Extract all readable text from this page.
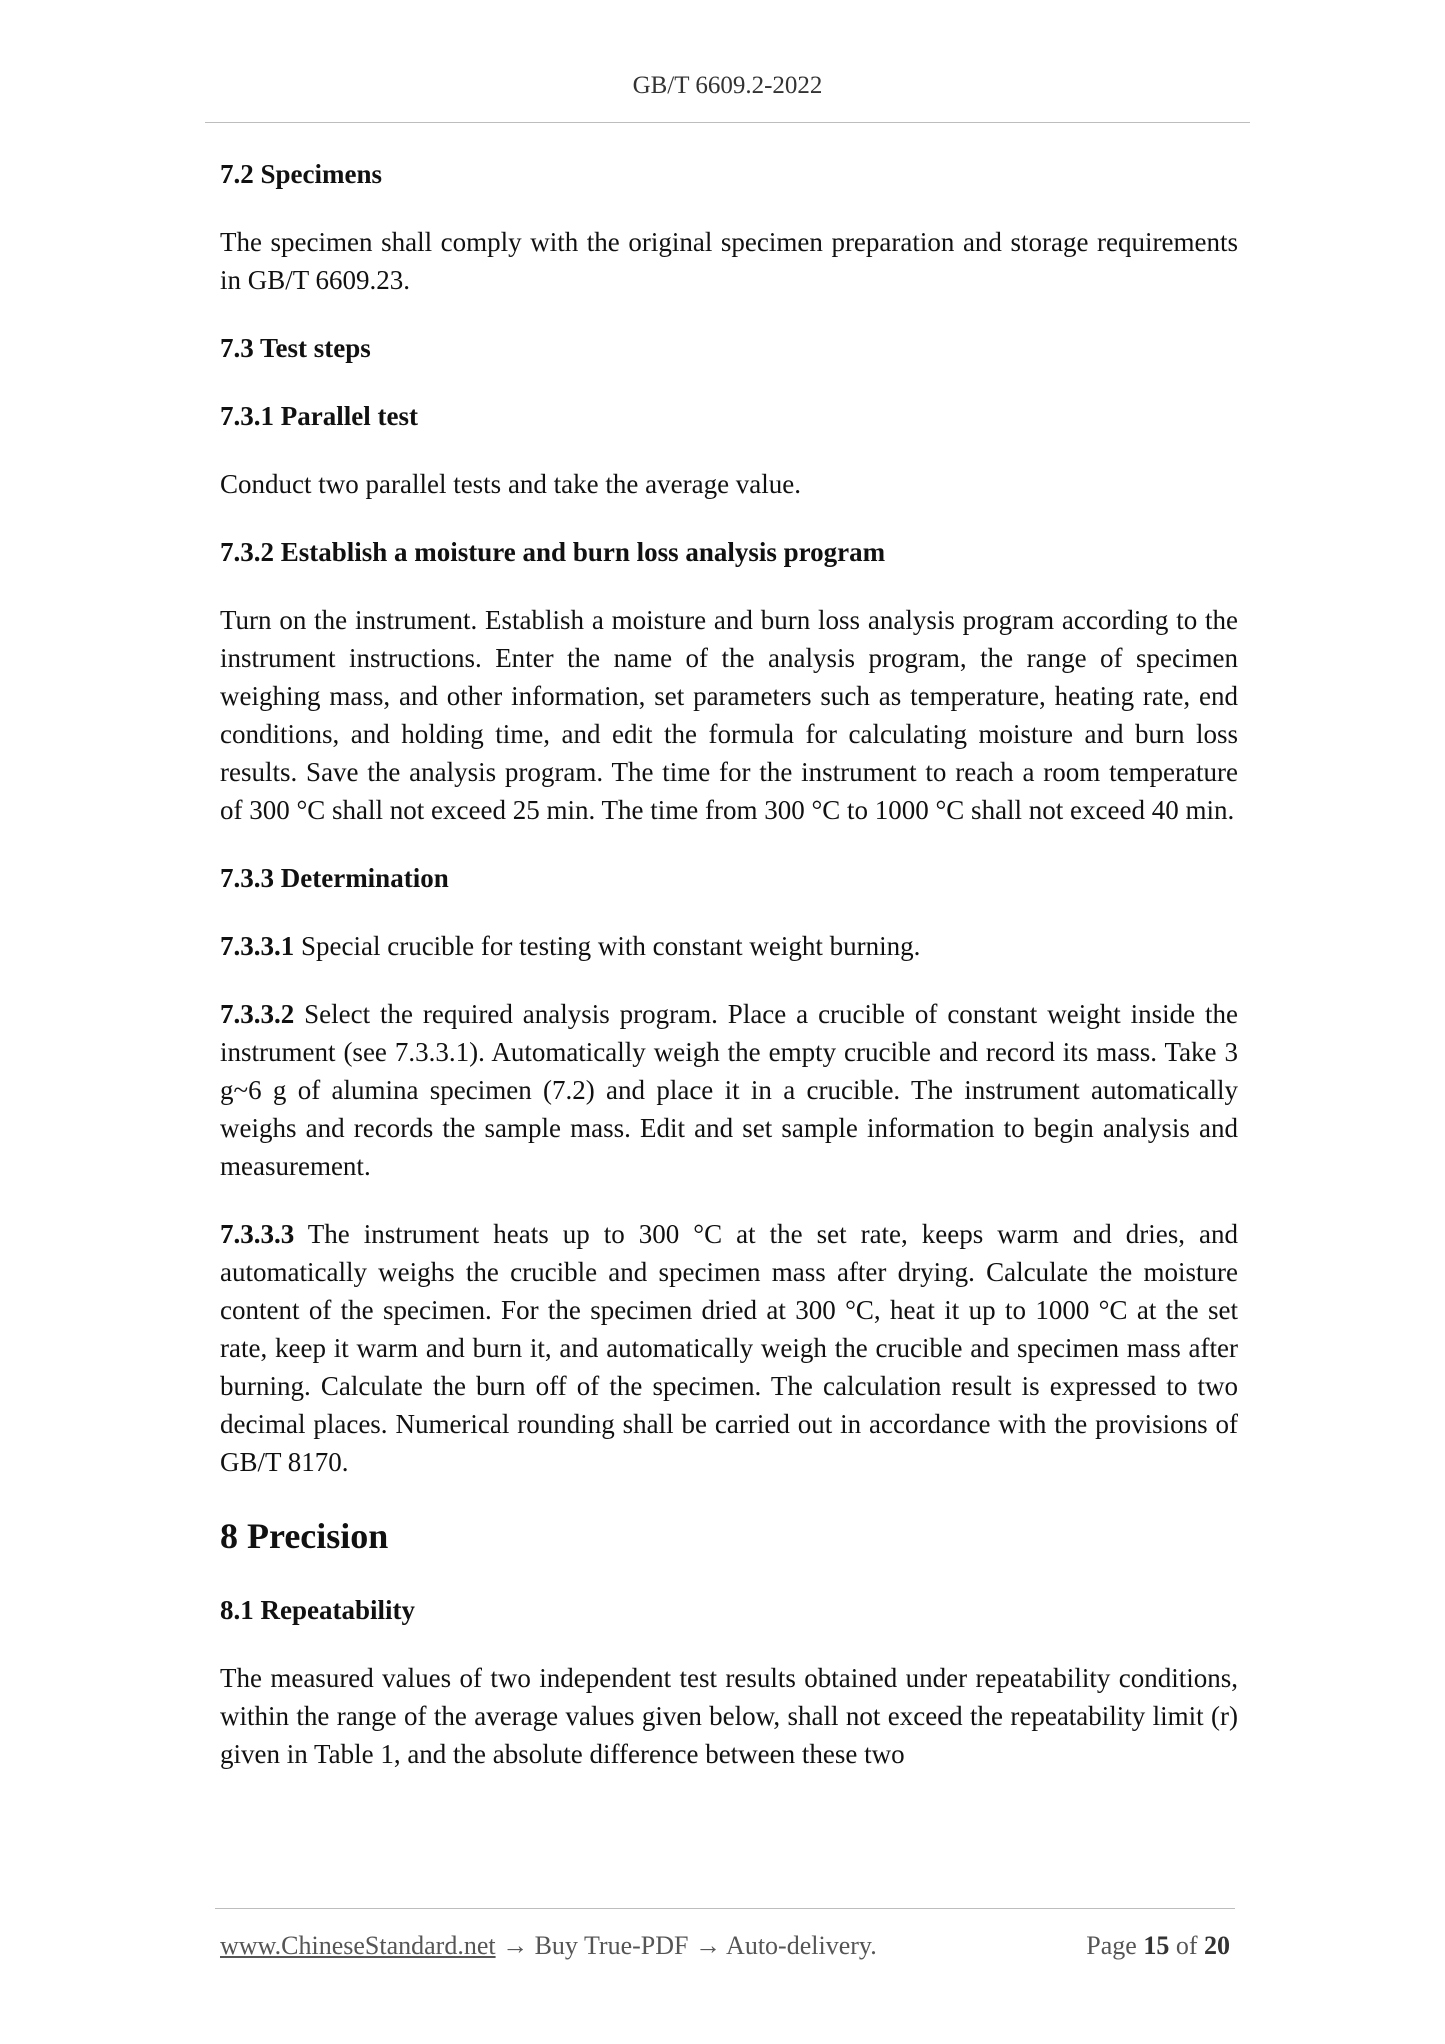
GB/T 6609.2-2022
7.2 Specimens

The specimen shall comply with the original specimen preparation and storage requirements in GB/T 6609.23.

7.3 Test steps
7.3.1 Parallel test

Conduct two parallel tests and take the average value.

7.3.2 Establish a moisture and burn loss analysis program

Turn on the instrument. Establish a moisture and burn loss analysis program according to the instrument instructions. Enter the name of the analysis program, the range of specimen weighing mass, and other information, set parameters such as temperature, heating rate, end conditions, and holding time, and edit the formula for calculating moisture and burn loss results. Save the analysis program. The time for the instrument to reach a room temperature of 300 °C shall not exceed 25 min. The time from 300 °C to 1000 °C shall not exceed 40 min.

7.3.3 Determination

7.3.3.1 Special crucible for testing with constant weight burning.

7.3.3.2 Select the required analysis program. Place a crucible of constant weight inside the instrument (see 7.3.3.1). Automatically weigh the empty crucible and record its mass. Take 3 g~6 g of alumina specimen (7.2) and place it in a crucible. The instrument automatically weighs and records the sample mass. Edit and set sample information to begin analysis and measurement.

7.3.3.3 The instrument heats up to 300 °C at the set rate, keeps warm and dries, and automatically weighs the crucible and specimen mass after drying. Calculate the moisture content of the specimen. For the specimen dried at 300 °C, heat it up to 1000 °C at the set rate, keep it warm and burn it, and automatically weigh the crucible and specimen mass after burning. Calculate the burn off of the specimen. The calculation result is expressed to two decimal places. Numerical rounding shall be carried out in accordance with the provisions of GB/T 8170.

8 Precision
8.1 Repeatability

The measured values of two independent test results obtained under repeatability conditions, within the range of the average values given below, shall not exceed the repeatability limit (r) given in Table 1, and the absolute difference between these two

www.ChineseStandard.net → Buy True-PDF → Auto-delivery.	Page 15 of 20
